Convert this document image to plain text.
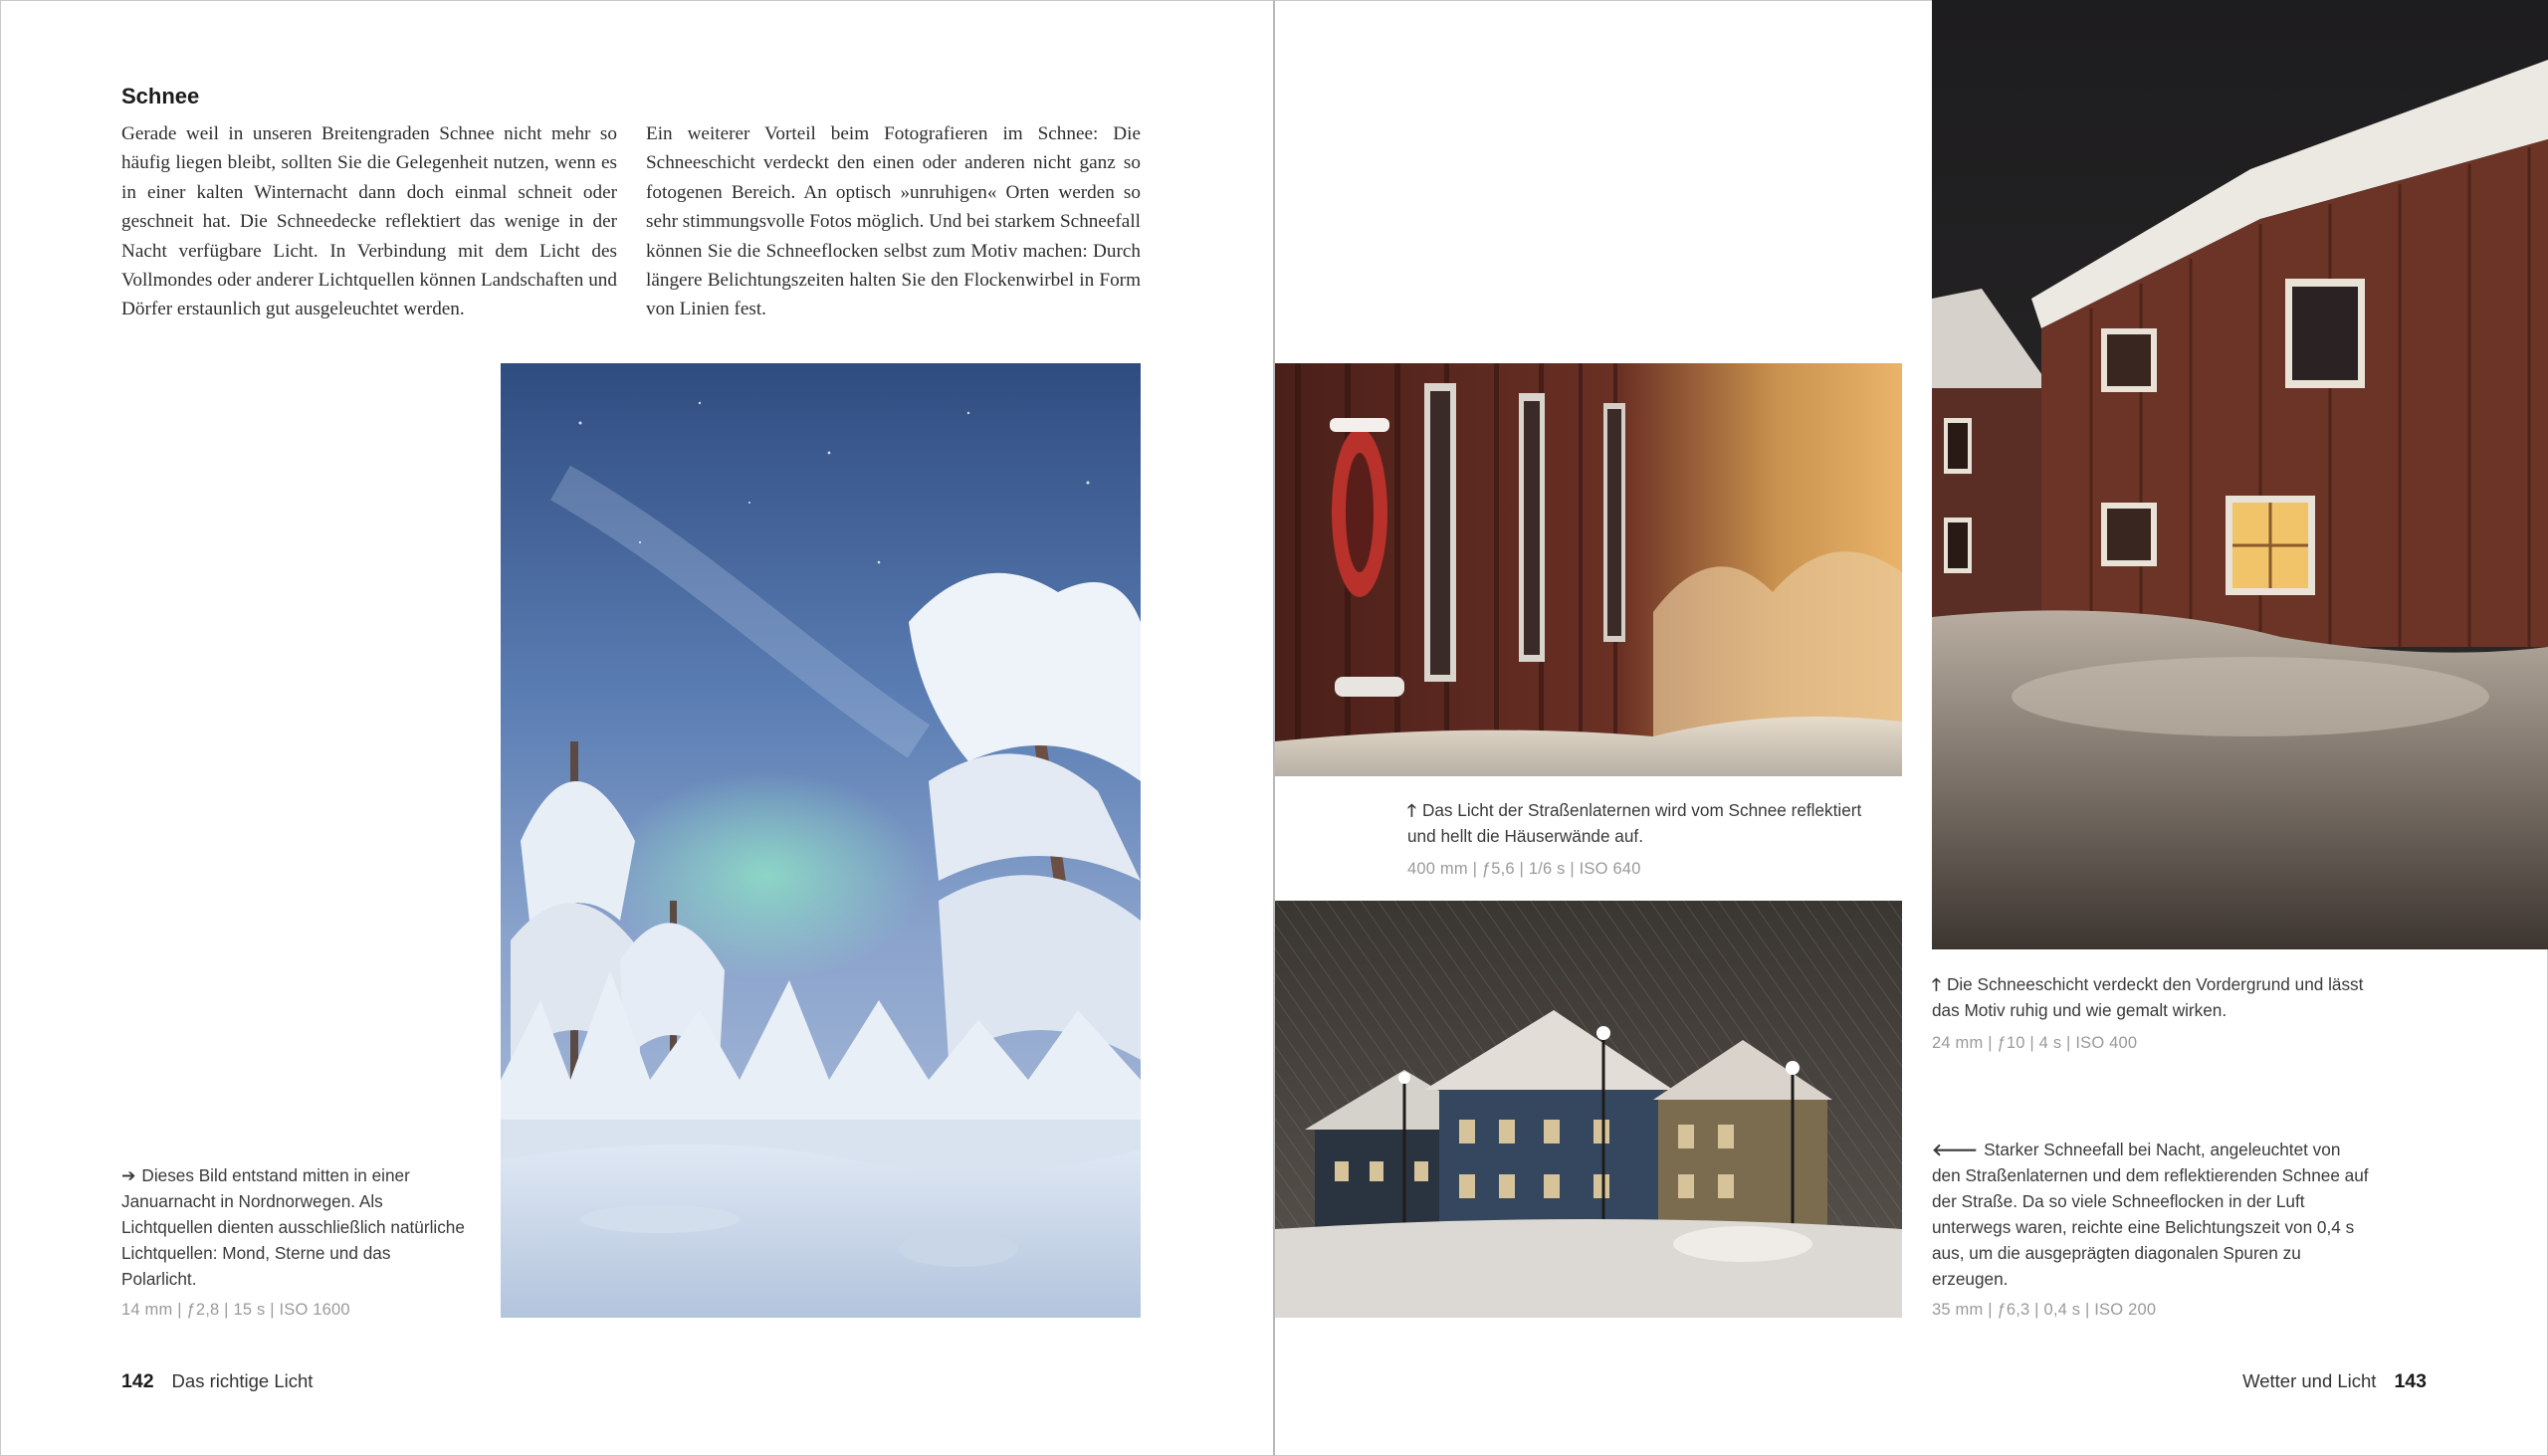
Schnee
Gerade weil in unseren Breitengraden Schnee nicht mehr so häufig liegen bleibt, sollten Sie die Gelegenheit nutzen, wenn es in einer kalten Winternacht dann doch einmal schneit oder geschneit hat. Die Schneedecke reflektiert das wenige in der Nacht verfügbare Licht. In Verbindung mit dem Licht des Vollmondes oder anderer Lichtquellen können Landschaften und Dörfer erstaunlich gut ausgeleuchtet werden.
Ein weiterer Vorteil beim Fotografieren im Schnee: Die Schneeschicht verdeckt den einen oder anderen nicht ganz so fotogenen Bereich. An optisch »unruhigen« Orten werden so sehr stimmungsvolle Fotos möglich. Und bei starkem Schneefall können Sie die Schneeflocken selbst zum Motiv machen: Durch längere Belichtungszeiten halten Sie den Flockenwirbel in Form von Linien fest.
➔ Dieses Bild entstand mitten in einer Januarnacht in Nordnorwegen. Als Lichtquellen dienten ausschließlich natürliche Lichtquellen: Mond, Sterne und das Polarlicht.
14 mm | ƒ2,8 | 15 s | ISO 1600
142 Das richtige Licht
🡑 Das Licht der Straßenlaternen wird vom Schnee reflektiert und hellt die Häuserwände auf.
400 mm | ƒ5,6 | 1/6 s | ISO 640
🡑 Die Schneeschicht verdeckt den Vordergrund und lässt das Motiv ruhig und wie gemalt wirken.
24 mm | ƒ10 | 4 s | ISO 400
🡐 Starker Schneefall bei Nacht, angeleuchtet von den Straßenlaternen und dem reflektierenden Schnee auf der Straße. Da so viele Schneeflocken in der Luft unterwegs waren, reichte eine Belichtungszeit von 0,4 s aus, um die ausgeprägten diagonalen Spuren zu erzeugen.
35 mm | ƒ6,3 | 0,4 s | ISO 200
Wetter und Licht 143
